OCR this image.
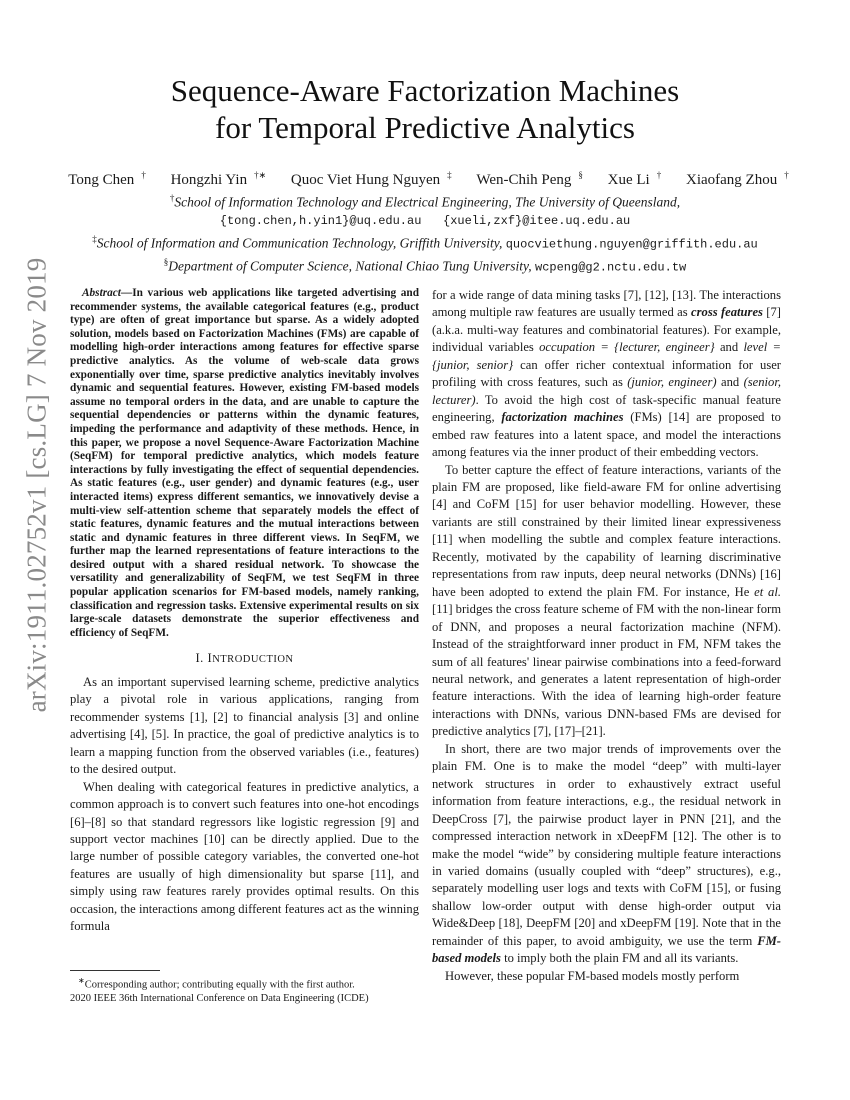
arXiv:1911.02752v1 [cs.LG] 7 Nov 2019
Sequence-Aware Factorization Machines
for Temporal Predictive Analytics
Tong Chen † Hongzhi Yin †∗ Quoc Viet Hung Nguyen ‡ Wen-Chih Peng § Xue Li † Xiaofang Zhou †
†School of Information Technology and Electrical Engineering, The University of Queensland,
{tong.chen,h.yin1}@uq.edu.au   {xueli,zxf}@itee.uq.edu.au
‡School of Information and Communication Technology, Griffith University, quocviethung.nguyen@griffith.edu.au
§Department of Computer Science, National Chiao Tung University, wcpeng@g2.nctu.edu.tw

Abstract—In various web applications like targeted advertising and recommender systems, the available categorical features (e.g., product type) are often of great importance but sparse. As a widely adopted solution, models based on Factorization Machines (FMs) are capable of modelling high-order interactions among features for effective sparse predictive analytics. As the volume of web-scale data grows exponentially over time, sparse predictive analytics inevitably involves dynamic and sequential features. However, existing FM-based models assume no temporal orders in the data, and are unable to capture the sequential dependencies or patterns within the dynamic features, impeding the performance and adaptivity of these methods. Hence, in this paper, we propose a novel Sequence-Aware Factorization Machine (SeqFM) for temporal predictive analytics, which models feature interactions by fully investigating the effect of sequential dependencies. As static features (e.g., user gender) and dynamic features (e.g., user interacted items) express different semantics, we innovatively devise a multi-view self-attention scheme that separately models the effect of static features, dynamic features and the mutual interactions between static and dynamic features in three different views. In SeqFM, we further map the learned representations of feature interactions to the desired output with a shared residual network. To showcase the versatility and generalizability of SeqFM, we test SeqFM in three popular application scenarios for FM-based models, namely ranking, classification and regression tasks. Extensive experimental results on six large-scale datasets demonstrate the superior effectiveness and efficiency of SeqFM.

I. INTRODUCTION

As an important supervised learning scheme, predictive analytics play a pivotal role in various applications, ranging from recommender systems [1], [2] to financial analysis [3] and online advertising [4], [5]. In practice, the goal of predictive analytics is to learn a mapping function from the observed variables (i.e., features) to the desired output.

When dealing with categorical features in predictive analytics, a common approach is to convert such features into one-hot encodings [6]–[8] so that standard regressors like logistic regression [9] and support vector machines [10] can be directly applied. Due to the large number of possible category variables, the converted one-hot features are usually of high dimensionality but sparse [11], and simply using raw features rarely provides optimal results. On this occasion, the interactions among different features act as the winning formula

for a wide range of data mining tasks [7], [12], [13]. The interactions among multiple raw features are usually termed as cross features [7] (a.k.a. multi-way features and combinatorial features). For example, individual variables occupation = {lecturer, engineer} and level = {junior, senior} can offer richer contextual information for user profiling with cross features, such as (junior, engineer) and (senior, lecturer). To avoid the high cost of task-specific manual feature engineering, factorization machines (FMs) [14] are proposed to embed raw features into a latent space, and model the interactions among features via the inner product of their embedding vectors.

To better capture the effect of feature interactions, variants of the plain FM are proposed, like field-aware FM for online advertising [4] and CoFM [15] for user behavior modelling. However, these variants are still constrained by their limited linear expressiveness [11] when modelling the subtle and complex feature interactions. Recently, motivated by the capability of learning discriminative representations from raw inputs, deep neural networks (DNNs) [16] have been adopted to extend the plain FM. For instance, He et al. [11] bridges the cross feature scheme of FM with the non-linear form of DNN, and proposes a neural factorization machine (NFM). Instead of the straightforward inner product in FM, NFM takes the sum of all features' linear pairwise combinations into a feed-forward neural network, and generates a latent representation of high-order feature interactions. With the idea of learning high-order feature interactions with DNNs, various DNN-based FMs are devised for predictive analytics [7], [17]–[21].

In short, there are two major trends of improvements over the plain FM. One is to make the model “deep” with multi-layer network structures in order to exhaustively extract useful information from feature interactions, e.g., the residual network in DeepCross [7], the pairwise product layer in PNN [21], and the compressed interaction network in xDeepFM [12]. The other is to make the model “wide” by considering multiple feature interactions in varied domains (usually coupled with “deep” structures), e.g., separately modelling user logs and texts with CoFM [15], or fusing shallow low-order output with dense high-order output via Wide&Deep [18], DeepFM [20] and xDeepFM [19]. Note that in the remainder of this paper, to avoid ambiguity, we use the term FM-based models to imply both the plain FM and all its variants.

However, these popular FM-based models mostly perform

∗Corresponding author; contributing equally with the first author.
2020 IEEE 36th International Conference on Data Engineering (ICDE)
